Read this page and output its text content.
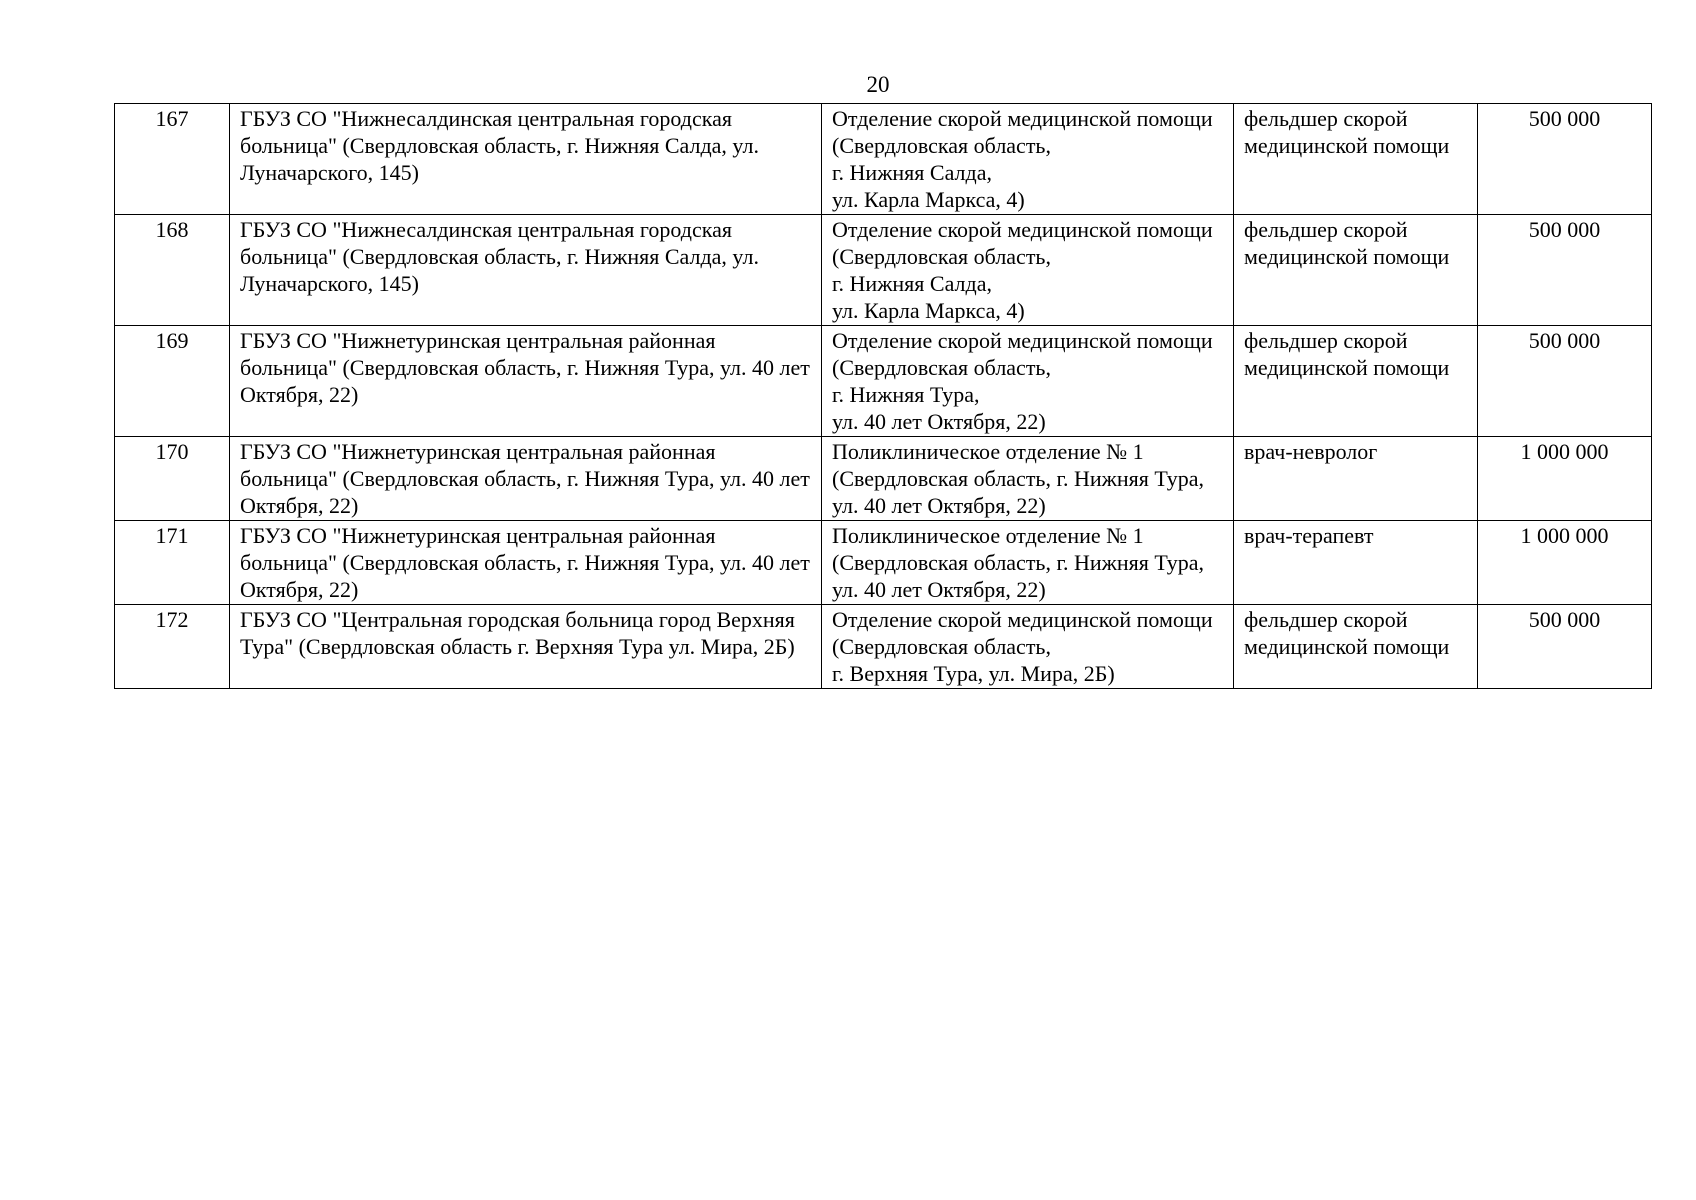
20
167	ГБУЗ СО "Нижнесалдинская центральная городская больница" (Свердловская область, г. Нижняя Салда, ул. Луначарского, 145)	Отделение скорой медицинской помощи (Свердловская область,
г. Нижняя Салда,
ул. Карла Маркса, 4)	фельдшер скорой медицинской помощи	500 000
168	ГБУЗ СО "Нижнесалдинская центральная городская больница" (Свердловская область, г. Нижняя Салда, ул. Луначарского, 145)	Отделение скорой медицинской помощи (Свердловская область,
г. Нижняя Салда,
ул. Карла Маркса, 4)	фельдшер скорой медицинской помощи	500 000
169	ГБУЗ СО "Нижнетуринская центральная районная больница" (Свердловская область, г. Нижняя Тура, ул. 40 лет Октября, 22)	Отделение скорой медицинской помощи (Свердловская область,
г. Нижняя Тура,
ул. 40 лет Октября, 22)	фельдшер скорой медицинской помощи	500 000
170	ГБУЗ СО "Нижнетуринская центральная районная больница" (Свердловская область, г. Нижняя Тура, ул. 40 лет Октября, 22)	Поликлиническое отделение № 1 (Свердловская область, г. Нижняя Тура, ул. 40 лет Октября, 22)	врач-невролог	1 000 000
171	ГБУЗ СО "Нижнетуринская центральная районная больница" (Свердловская область, г. Нижняя Тура, ул. 40 лет Октября, 22)	Поликлиническое отделение № 1 (Свердловская область, г. Нижняя Тура, ул. 40 лет Октября, 22)	врач-терапевт	1 000 000
172	ГБУЗ СО "Центральная городская больница город Верхняя Тура" (Свердловская область г. Верхняя Тура ул. Мира, 2Б)	Отделение скорой медицинской помощи (Свердловская область,
г. Верхняя Тура, ул. Мира, 2Б)	фельдшер скорой медицинской помощи	500 000
